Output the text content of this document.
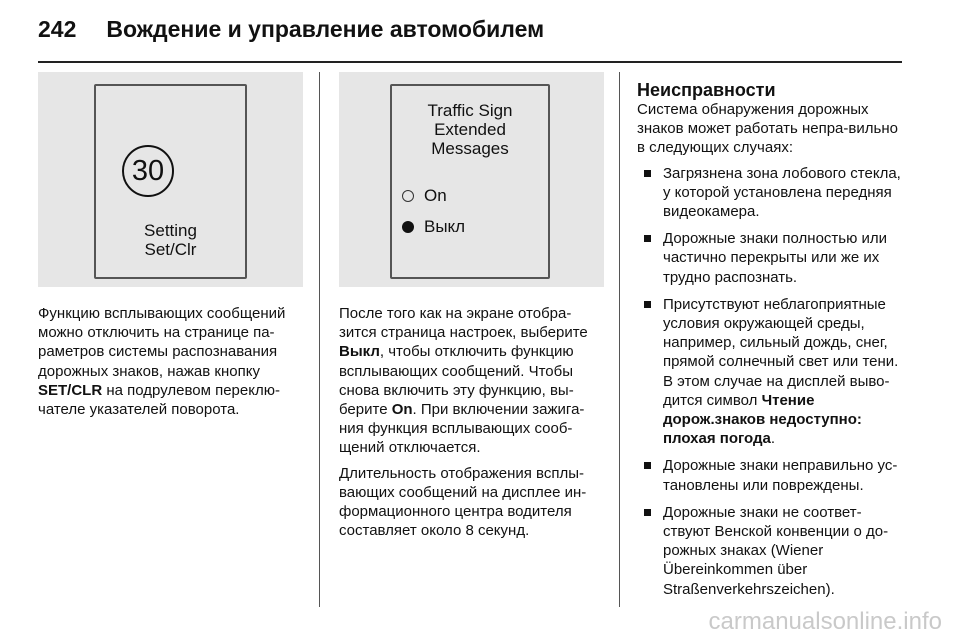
242 Вождение и управление автомобилем
30
Setting
Set/Clr
Traffic Sign
Extended
Messages
On
Выкл

Функцию всплывающих сообщений можно отключить на странице па-раметров системы распознавания дорожных знаков, нажав кнопку SET/CLR на подрулевом переклю-чателе указателей поворота.

После того как на экране отобра-зится страница настроек, выберите Выкл, чтобы отключить функцию всплывающих сообщений. Чтобы снова включить эту функцию, вы-берите On. При включении зажига-ния функция всплывающих сооб-щений отключается.

Длительность отображения всплы-вающих сообщений на дисплее ин-формационного центра водителя составляет около 8 секунд.

Неисправности
Система обнаружения дорожных знаков может работать непра-вильно в следующих случаях:
Загрязнена зона лобового стекла, у которой установлена передняя видеокамера.
Дорожные знаки полностью или частично перекрыты или же их трудно распознать.
Присутствуют неблагоприятные условия окружающей среды, например, сильный дождь, снег, прямой солнечный свет или тени. В этом случае на дисплей выво-дится символ Чтение дорож.знаков недоступно: плохая погода.
Дорожные знаки неправильно ус-тановлены или повреждены.
Дорожные знаки не соответ-ствуют Венской конвенции о до-рожных знаках (Wiener Übereinkommen über Straßenverkehrszeichen).
carmanualsonline.info
